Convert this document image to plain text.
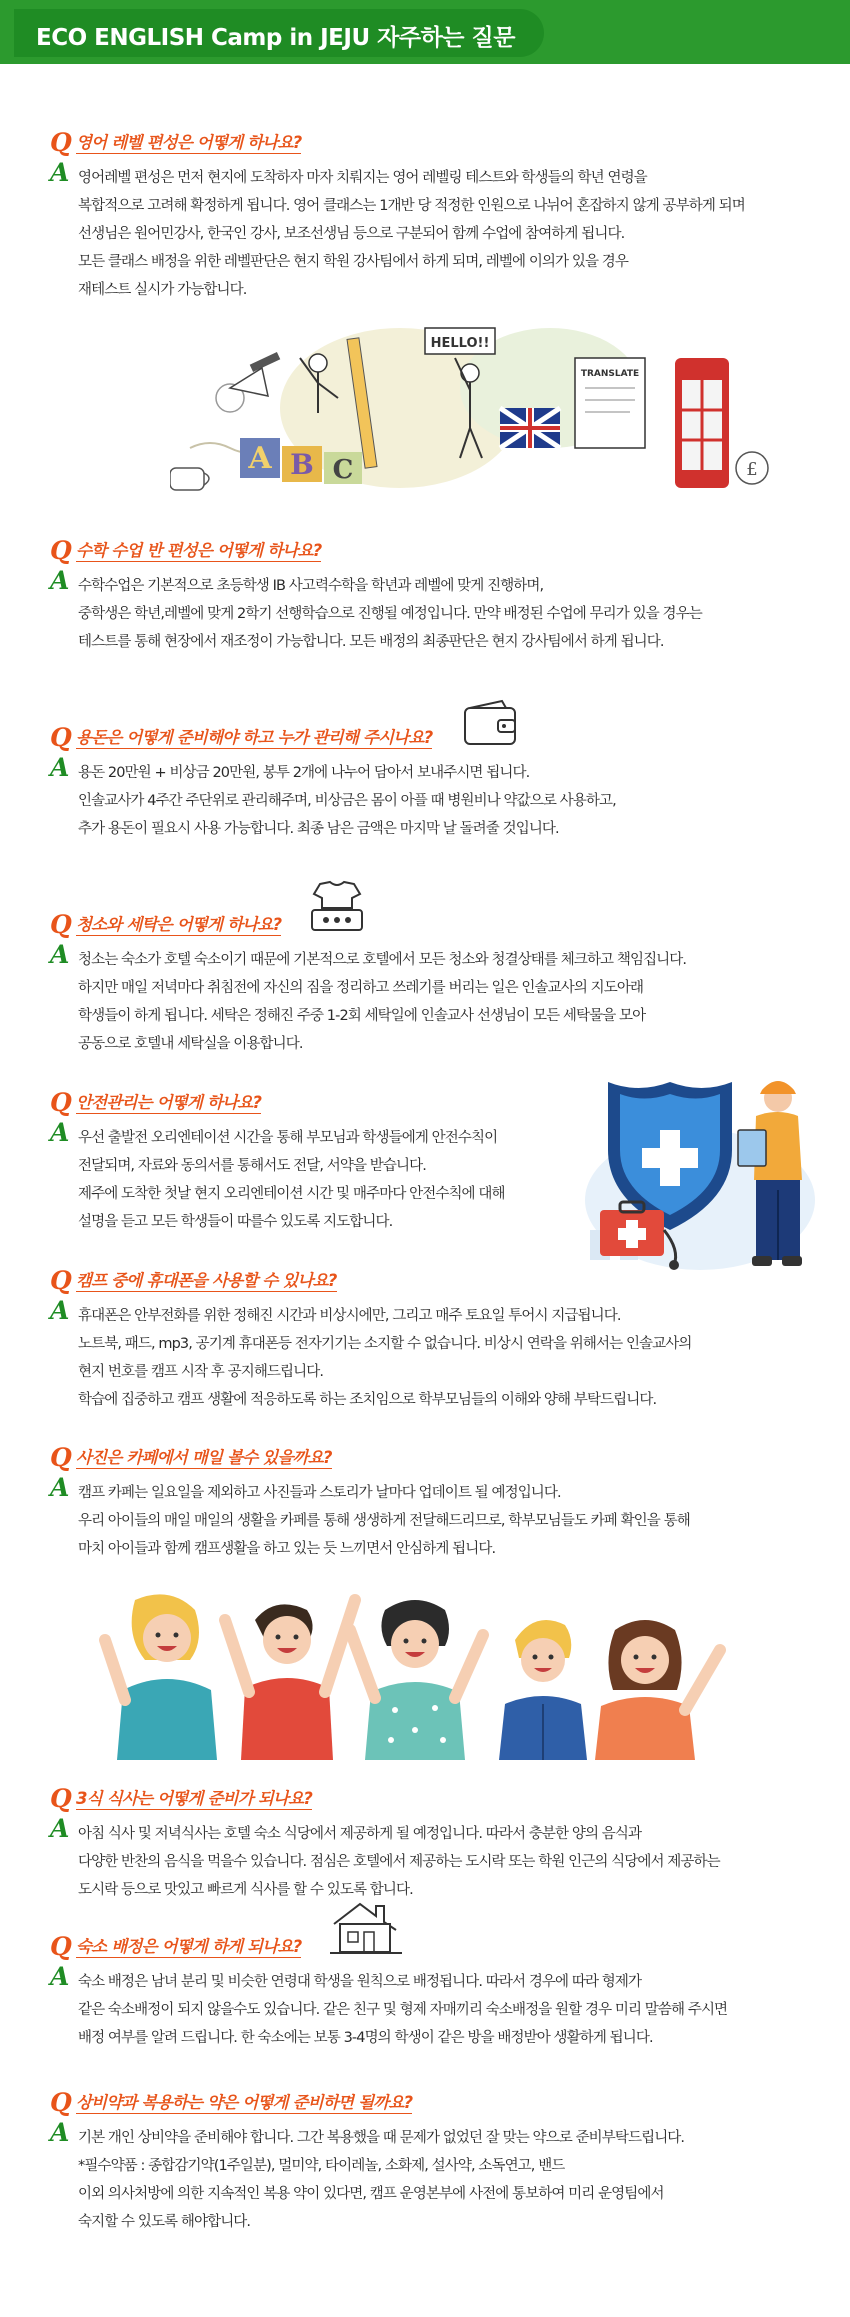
ECO ENGLISH Camp in JEJU 자주하는 질문
Q 영어 레벨 편성은 어떻게 하나요?
A 영어레벨 편성은 먼저 현지에 도착하자 마자 치뤄지는 영어 레벨링 테스트와 학생들의 학년 연령을
복합적으로 고려해 확정하게 됩니다. 영어 클래스는 1개반 당 적정한 인원으로 나뉘어 혼잡하지 않게 공부하게 되며
선생님은 원어민강사, 한국인 강사, 보조선생님 등으로 구분되어 함께 수업에 참여하게 됩니다.
모든 클래스 배정을 위한 레벨판단은 현지 학원 강사팀에서 하게 되며, 레벨에 이의가 있을 경우
재테스트 실시가 가능합니다.
A B C
HELLO!!
TRANSLATE
£
Q 수학 수업 반 편성은 어떻게 하나요?
A 수학수업은 기본적으로 초등학생 IB 사고력수학을 학년과 레벨에 맞게 진행하며,
중학생은 학년,레벨에 맞게 2학기 선행학습으로 진행될 예정입니다. 만약 배정된 수업에 무리가 있을 경우는
테스트를 통해 현장에서 재조정이 가능합니다. 모든 배정의 최종판단은 현지 강사팀에서 하게 됩니다.
Q 용돈은 어떻게 준비해야 하고 누가 관리해 주시나요?
A 용돈 20만원 + 비상금 20만원, 봉투 2개에 나누어 담아서 보내주시면 됩니다.
인솔교사가 4주간 주단위로 관리해주며, 비상금은 몸이 아플 때 병원비나 약값으로 사용하고,
추가 용돈이 필요시 사용 가능합니다. 최종 남은 금액은 마지막 날 돌려줄 것입니다.
Q 청소와 세탁은 어떻게 하나요?
A 청소는 숙소가 호텔 숙소이기 때문에 기본적으로 호텔에서 모든 청소와 청결상태를 체크하고 책임집니다.
하지만 매일 저녁마다 취침전에 자신의 짐을 정리하고 쓰레기를 버리는 일은 인솔교사의 지도아래
학생들이 하게 됩니다. 세탁은 정해진 주중 1-2회 세탁일에 인솔교사 선생님이 모든 세탁물을 모아
공동으로 호텔내 세탁실을 이용합니다.
Q 안전관리는 어떻게 하나요?
A 우선 출발전 오리엔테이션 시간을 통해 부모님과 학생들에게 안전수칙이
전달되며, 자료와 동의서를 통해서도 전달, 서약을 받습니다.
제주에 도착한 첫날 현지 오리엔테이션 시간 및 매주마다 안전수칙에 대해
설명을 듣고 모든 학생들이 따를수 있도록 지도합니다.
Q 캠프 중에 휴대폰을 사용할 수 있나요?
A 휴대폰은 안부전화를 위한 정해진 시간과 비상시에만, 그리고 매주 토요일 투어시 지급됩니다.
노트북, 패드, mp3, 공기계 휴대폰등 전자기기는 소지할 수 없습니다. 비상시 연락을 위해서는 인솔교사의
현지 번호를 캠프 시작 후 공지해드립니다.
학습에 집중하고 캠프 생활에 적응하도록 하는 조치임으로 학부모님들의 이해와 양해 부탁드립니다.
Q 사진은 카페에서 매일 볼수 있을까요?
A 캠프 카페는 일요일을 제외하고 사진들과 스토리가 날마다 업데이트 될 예정입니다.
우리 아이들의 매일 매일의 생활을 카페를 통해 생생하게 전달해드리므로, 학부모님들도 카페 확인을 통해
마치 아이들과 함께 캠프생활을 하고 있는 듯 느끼면서 안심하게 됩니다.
Q 3식 식사는 어떻게 준비가 되나요?
A 아침 식사 및 저녁식사는 호텔 숙소 식당에서 제공하게 될 예정입니다. 따라서 충분한 양의 음식과
다양한 반찬의 음식을 먹을수 있습니다. 점심은 호텔에서 제공하는 도시락 또는 학원 인근의 식당에서 제공하는
도시락 등으로 맛있고 빠르게 식사를 할 수 있도록 합니다.
Q 숙소 배정은 어떻게 하게 되나요?
A 숙소 배정은 남녀 분리 및 비슷한 연령대 학생을 원칙으로 배정됩니다. 따라서 경우에 따라 형제가
같은 숙소배정이 되지 않을수도 있습니다. 같은 친구 및 형제 자매끼리 숙소배정을 원할 경우 미리 말씀해 주시면
배정 여부를 알려 드립니다. 한 숙소에는 보통 3-4명의 학생이 같은 방을 배정받아 생활하게 됩니다.
Q 상비약과 복용하는 약은 어떻게 준비하면 될까요?
A 기본 개인 상비약을 준비해야 합니다. 그간 복용했을 때 문제가 없었던 잘 맞는 약으로 준비부탁드립니다.
*필수약품 : 종합감기약(1주일분), 멀미약, 타이레놀, 소화제, 설사약, 소독연고, 밴드
이외 의사처방에 의한 지속적인 복용 약이 있다면, 캠프 운영본부에 사전에 통보하여 미리 운영팀에서
숙지할 수 있도록 해야합니다.
